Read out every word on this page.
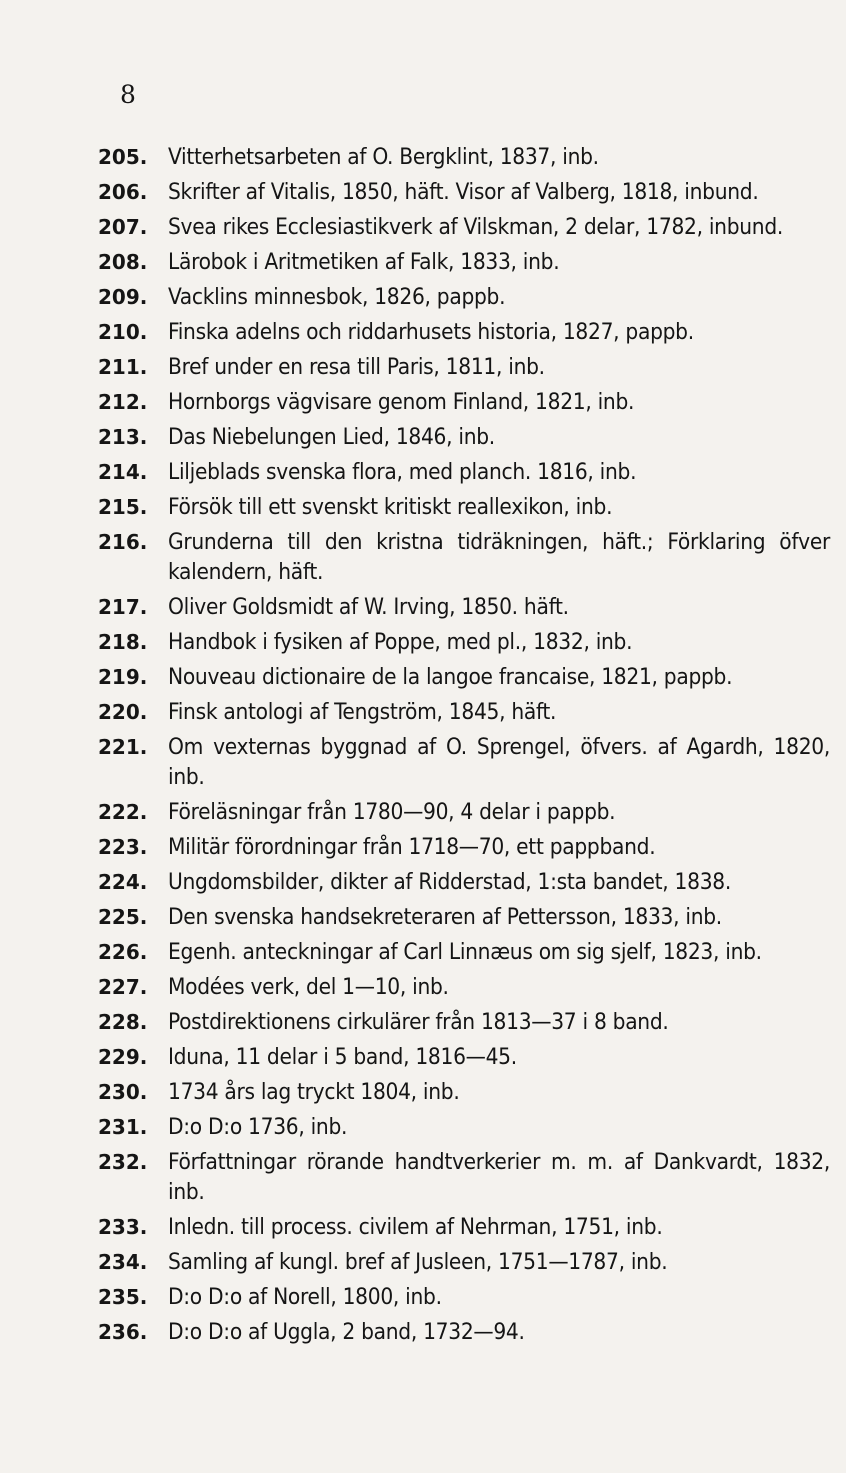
8
205. Vitterhetsarbeten af O. Bergklint, 1837, inb.
206. Skrifter af Vitalis, 1850, häft. Visor af Valberg, 1818, inbund.
207. Svea rikes Ecclesiastikverk af Vilskman, 2 delar, 1782, inbund.
208. Lärobok i Aritmetiken af Falk, 1833, inb.
209. Vacklins minnesbok, 1826, pappb.
210. Finska adelns och riddarhusets historia, 1827, pappb.
211. Bref under en resa till Paris, 1811, inb.
212. Hornborgs vägvisare genom Finland, 1821, inb.
213. Das Niebelungen Lied, 1846, inb.
214. Liljeblads svenska flora, med planch. 1816, inb.
215. Försök till ett svenskt kritiskt reallexikon, inb.
216. Grunderna till den kristna tidräkningen, häft.; Förklaring öfver kalendern, häft.
217. Oliver Goldsmidt af W. Irving, 1850. häft.
218. Handbok i fysiken af Poppe, med pl., 1832, inb.
219. Nouveau dictionaire de la langoe francaise, 1821, pappb.
220. Finsk antologi af Tengström, 1845, häft.
221. Om vexternas byggnad af O. Sprengel, öfvers. af Agardh, 1820, inb.
222. Föreläsningar från 1780—90, 4 delar i pappb.
223. Militär förordningar från 1718—70, ett pappband.
224. Ungdomsbilder, dikter af Ridderstad, 1:sta bandet, 1838.
225. Den svenska handsekreteraren af Pettersson, 1833, inb.
226. Egenh. anteckningar af Carl Linnæus om sig sjelf, 1823, inb.
227. Modées verk, del 1—10, inb.
228. Postdirektionens cirkulärer från 1813—37 i 8 band.
229. Iduna, 11 delar i 5 band, 1816—45.
230. 1734 års lag tryckt 1804, inb.
231. D:o D:o 1736, inb.
232. Författningar rörande handtverkerier m. m. af Dankvardt, 1832, inb.
233. Inledn. till process. civilem af Nehrman, 1751, inb.
234. Samling af kungl. bref af Jusleen, 1751—1787, inb.
235. D:o D:o af Norell, 1800, inb.
236. D:o D:o af Uggla, 2 band, 1732—94.
